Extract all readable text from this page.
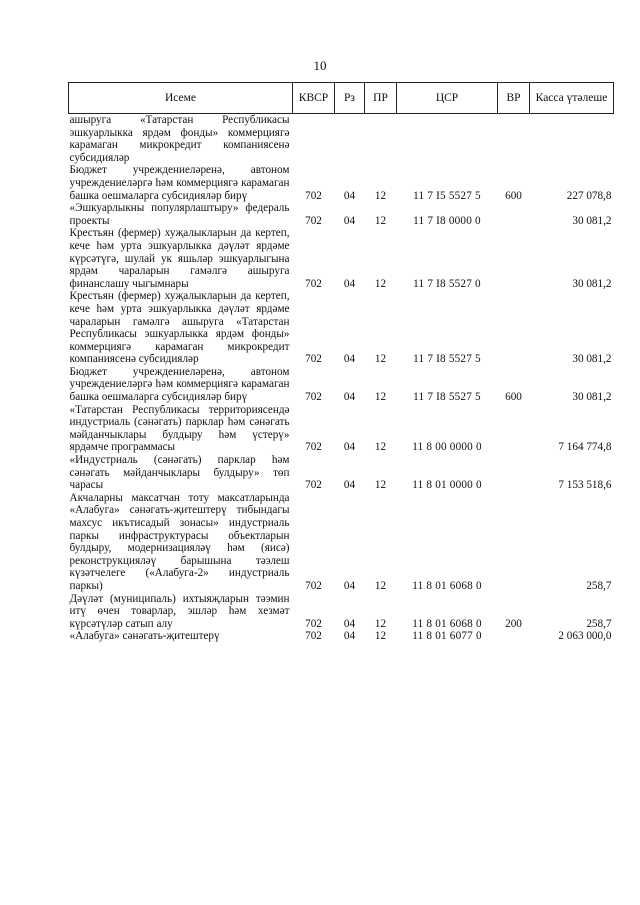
10
Исеме	КВСР	Рз	ПР	ЦСР	ВР	Касса үтәлеше
ашыруга «Татарстан Республикасы эшкуарлыкка ярдәм фонды» коммерциягә карамаган микрокредит компаниясенә субсидияләр						
Бюджет учреждениеләренә, автоном учреждениеләргә һәм коммерциягә карамаган башка оешмаларга субсидияләр бирү	702	04	12	11 7 I5 5527 5	600	227 078,8
«Эшкуарлыкны популярлаштыру» федераль проекты	702	04	12	11 7 I8 0000 0		30 081,2
Крестьян (фермер) хуҗалыкларын да кертеп, кечe һәм урта эшкуарлыкка дәүләт ярдәме күрсәтүгә, шулай ук яшьләр эшкуарлыгына ярдәм чараларын гамәлгә ашыруга финанслашу чыгымнары	702	04	12	11 7 I8 5527 0		30 081,2
Крестьян (фермер) хуҗалыкларын да кертеп, кечe һәм урта эшкуарлыкка дәүләт ярдәме чараларын гамәлгә ашыруга «Татарстан Республикасы эшкуарлыкка ярдәм фонды» коммерциягә карамаган микрокредит компаниясенә субсидияләр	702	04	12	11 7 I8 5527 5		30 081,2
Бюджет учреждениеләренә, автоном учреждениеләргә һәм коммерциягә карамаган башка оешмаларга субсидияләр бирү	702	04	12	11 7 I8 5527 5	600	30 081,2
«Татарстан Республикасы территориясендә индустриаль (сәнәгать) парклар һәм сәнәгать мәйданчыклары булдыру һәм үстерү» ярдәмче программасы	702	04	12	11 8 00 0000 0		7 164 774,8
«Индустриаль (сәнәгать) парклар һәм сәнәгать мәйданчыклары булдыру» төп чарасы	702	04	12	11 8 01 0000 0		7 153 518,6
Акчаларны максатчан тоту максатларында «Алабуга» сәнәгать-җитештерү тибындагы махсус икътисадый зонасы» индустриаль паркы инфраструктурасы объектларын булдыру, модернизацияләү һәм (яисә) реконструкцияләү барышына тәэлеш күзәтчелеге («Алабуга-2» индустриаль паркы)	702	04	12	11 8 01 6068 0		258,7
Дәүләт (муниципаль) ихтыяҗларын тәэмин итү өчен товарлар, эшләр һәм хезмәт күрсәтүләр сатып алу	702	04	12	11 8 01 6068 0	200	258,7
«Алабуга» сәнәгать-җитештерү	702	04	12	11 8 01 6077 0		2 063 000,0
